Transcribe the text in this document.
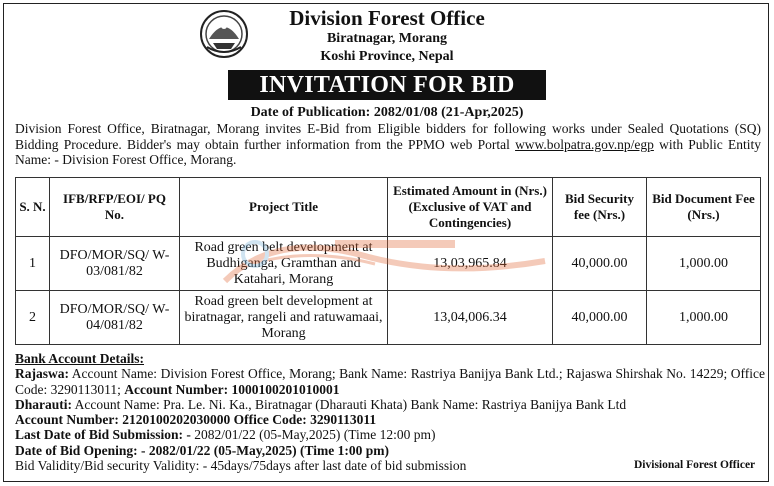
Division Forest Office
Biratnagar, Morang
Koshi Province, Nepal
INVITATION FOR BID
Date of Publication: 2082/01/08 (21-Apr,2025)
Division Forest Office, Biratnagar, Morang invites E-Bid from Eligible bidders for following works under Sealed Quotations (SQ) Bidding Procedure. Bidder's may obtain further information from the PPMO web Portal www.bolpatra.gov.np/egp with Public Entity Name: - Division Forest Office, Morang.
S. N.	IFB/RFP/EOI/ PQ No.	Project Title	Estimated Amount in (Nrs.) (Exclusive of VAT and Contingencies)	Bid Security fee (Nrs.)	Bid Document Fee (Nrs.)
1	DFO/MOR/SQ/ W-03/081/82	Road green belt development at Budhiganga, Gramthan and Katahari, Morang	13,03,965.84	40,000.00	1,000.00
2	DFO/MOR/SQ/ W-04/081/82	Road green belt development at biratnagar, rangeli and ratuwamaai, Morang	13,04,006.34	40,000.00	1,000.00
Bank Account Details:
Rajaswa: Account Name: Division Forest Office, Morang; Bank Name: Rastriya Banijya Bank Ltd.; Rajaswa Shirshak No. 14229; Office Code: 3290113011; Account Number: 1000100201010001
Dharauti: Account Name: Pra. Le. Ni. Ka., Biratnagar (Dharauti Khata) Bank Name: Rastriya Banijya Bank Ltd
Account Number: 2120100202030000 Office Code: 3290113011
Last Date of Bid Submission: - 2082/01/22 (05-May,2025) (Time 12:00 pm)
Date of Bid Opening: - 2082/01/22 (05-May,2025) (Time 1:00 pm)
Bid Validity/Bid security Validity: - 45days/75days after last date of bid submission	Divisional Forest Officer
